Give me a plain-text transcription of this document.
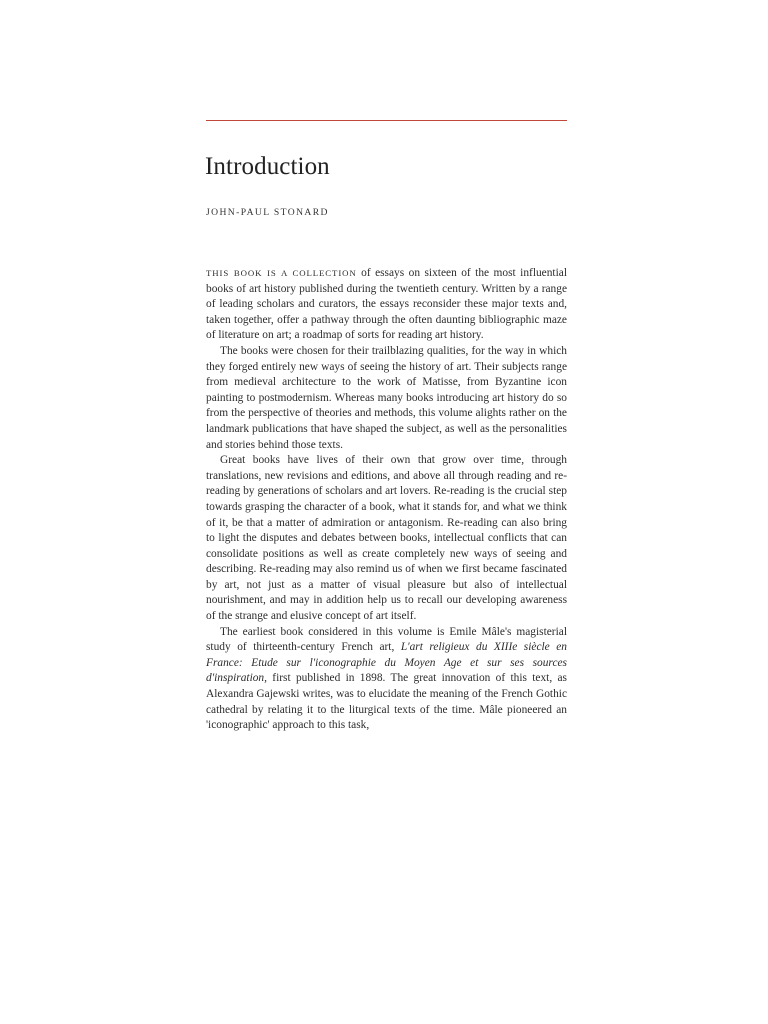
Introduction
JOHN-PAUL STONARD

THIS BOOK IS A COLLECTION of essays on sixteen of the most influential books of art history published during the twentieth century. Written by a range of leading scholars and curators, the essays reconsider these major texts and, taken together, offer a pathway through the often daunting bibliographic maze of literature on art; a roadmap of sorts for reading art history.

The books were chosen for their trailblazing qualities, for the way in which they forged entirely new ways of seeing the history of art. Their subjects range from medieval architecture to the work of Matisse, from Byzantine icon painting to postmodernism. Whereas many books introducing art history do so from the perspective of theories and methods, this volume alights rather on the landmark publications that have shaped the subject, as well as the personalities and stories behind those texts.

Great books have lives of their own that grow over time, through translations, new revisions and editions, and above all through reading and re-reading by generations of scholars and art lovers. Re-reading is the crucial step towards grasping the character of a book, what it stands for, and what we think of it, be that a matter of admiration or antagonism. Re-reading can also bring to light the disputes and debates between books, intellectual conflicts that can consolidate positions as well as create completely new ways of seeing and describing. Re-reading may also remind us of when we first became fascinated by art, not just as a matter of visual pleasure but also of intellectual nourishment, and may in addition help us to recall our developing awareness of the strange and elusive concept of art itself.

The earliest book considered in this volume is Emile Mâle's magisterial study of thirteenth-century French art, L'art religieux du XIIIe siècle en France: Etude sur l'iconographie du Moyen Age et sur ses sources d'inspiration, first published in 1898. The great innovation of this text, as Alexandra Gajewski writes, was to elucidate the meaning of the French Gothic cathedral by relating it to the liturgical texts of the time. Mâle pioneered an 'iconographic' approach to this task,
